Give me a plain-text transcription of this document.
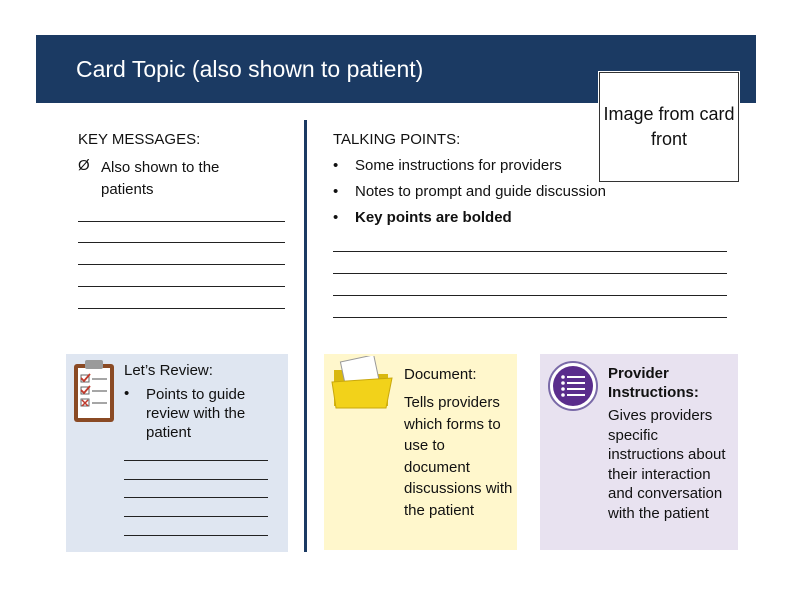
Card Topic (also shown to patient)
Image from card front
KEY MESSAGES:
Ø Also shown to the patients
TALKING POINTS:
• Some instructions for providers
• Notes to prompt and guide discussion
• Key points are bolded
Let’s Review:
• Points to guide review with the patient
Document:
Tells providers which forms to use to document discussions with the patient
Provider Instructions:
Gives providers specific instructions about their interaction and conversation with the patient
